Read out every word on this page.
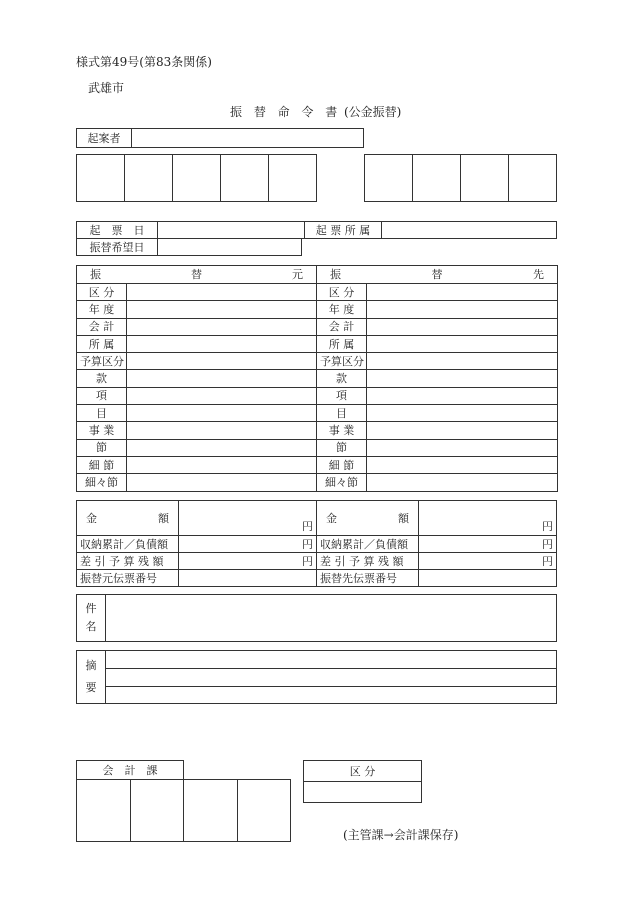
様式第49号(第83条関係)
武雄市
振 替 命 令 書 (公金振替)
起案者	

起　票　日		起 票 所 属	
振替希望日	
振 替 元		振 替 先	

区 分		区 分	
年 度		年 度	
会 計		会 計	
所 属		所 属	
予算区分		予算区分	
款		款	
項		項	
目		目	
事 業		事 業	
節		節	
細 節		細 節	
細々節		細々節	
金 額	円	金 額	円
収納累計／負債額	円	収納累計／負債額	円
差 引 予 算 残 額	円	差 引 予 算 残 額	円
振替元伝票番号		振替先伝票番号	
件
名

摘
要

会　計　課
				区 分

(主管課→会計課保存)
